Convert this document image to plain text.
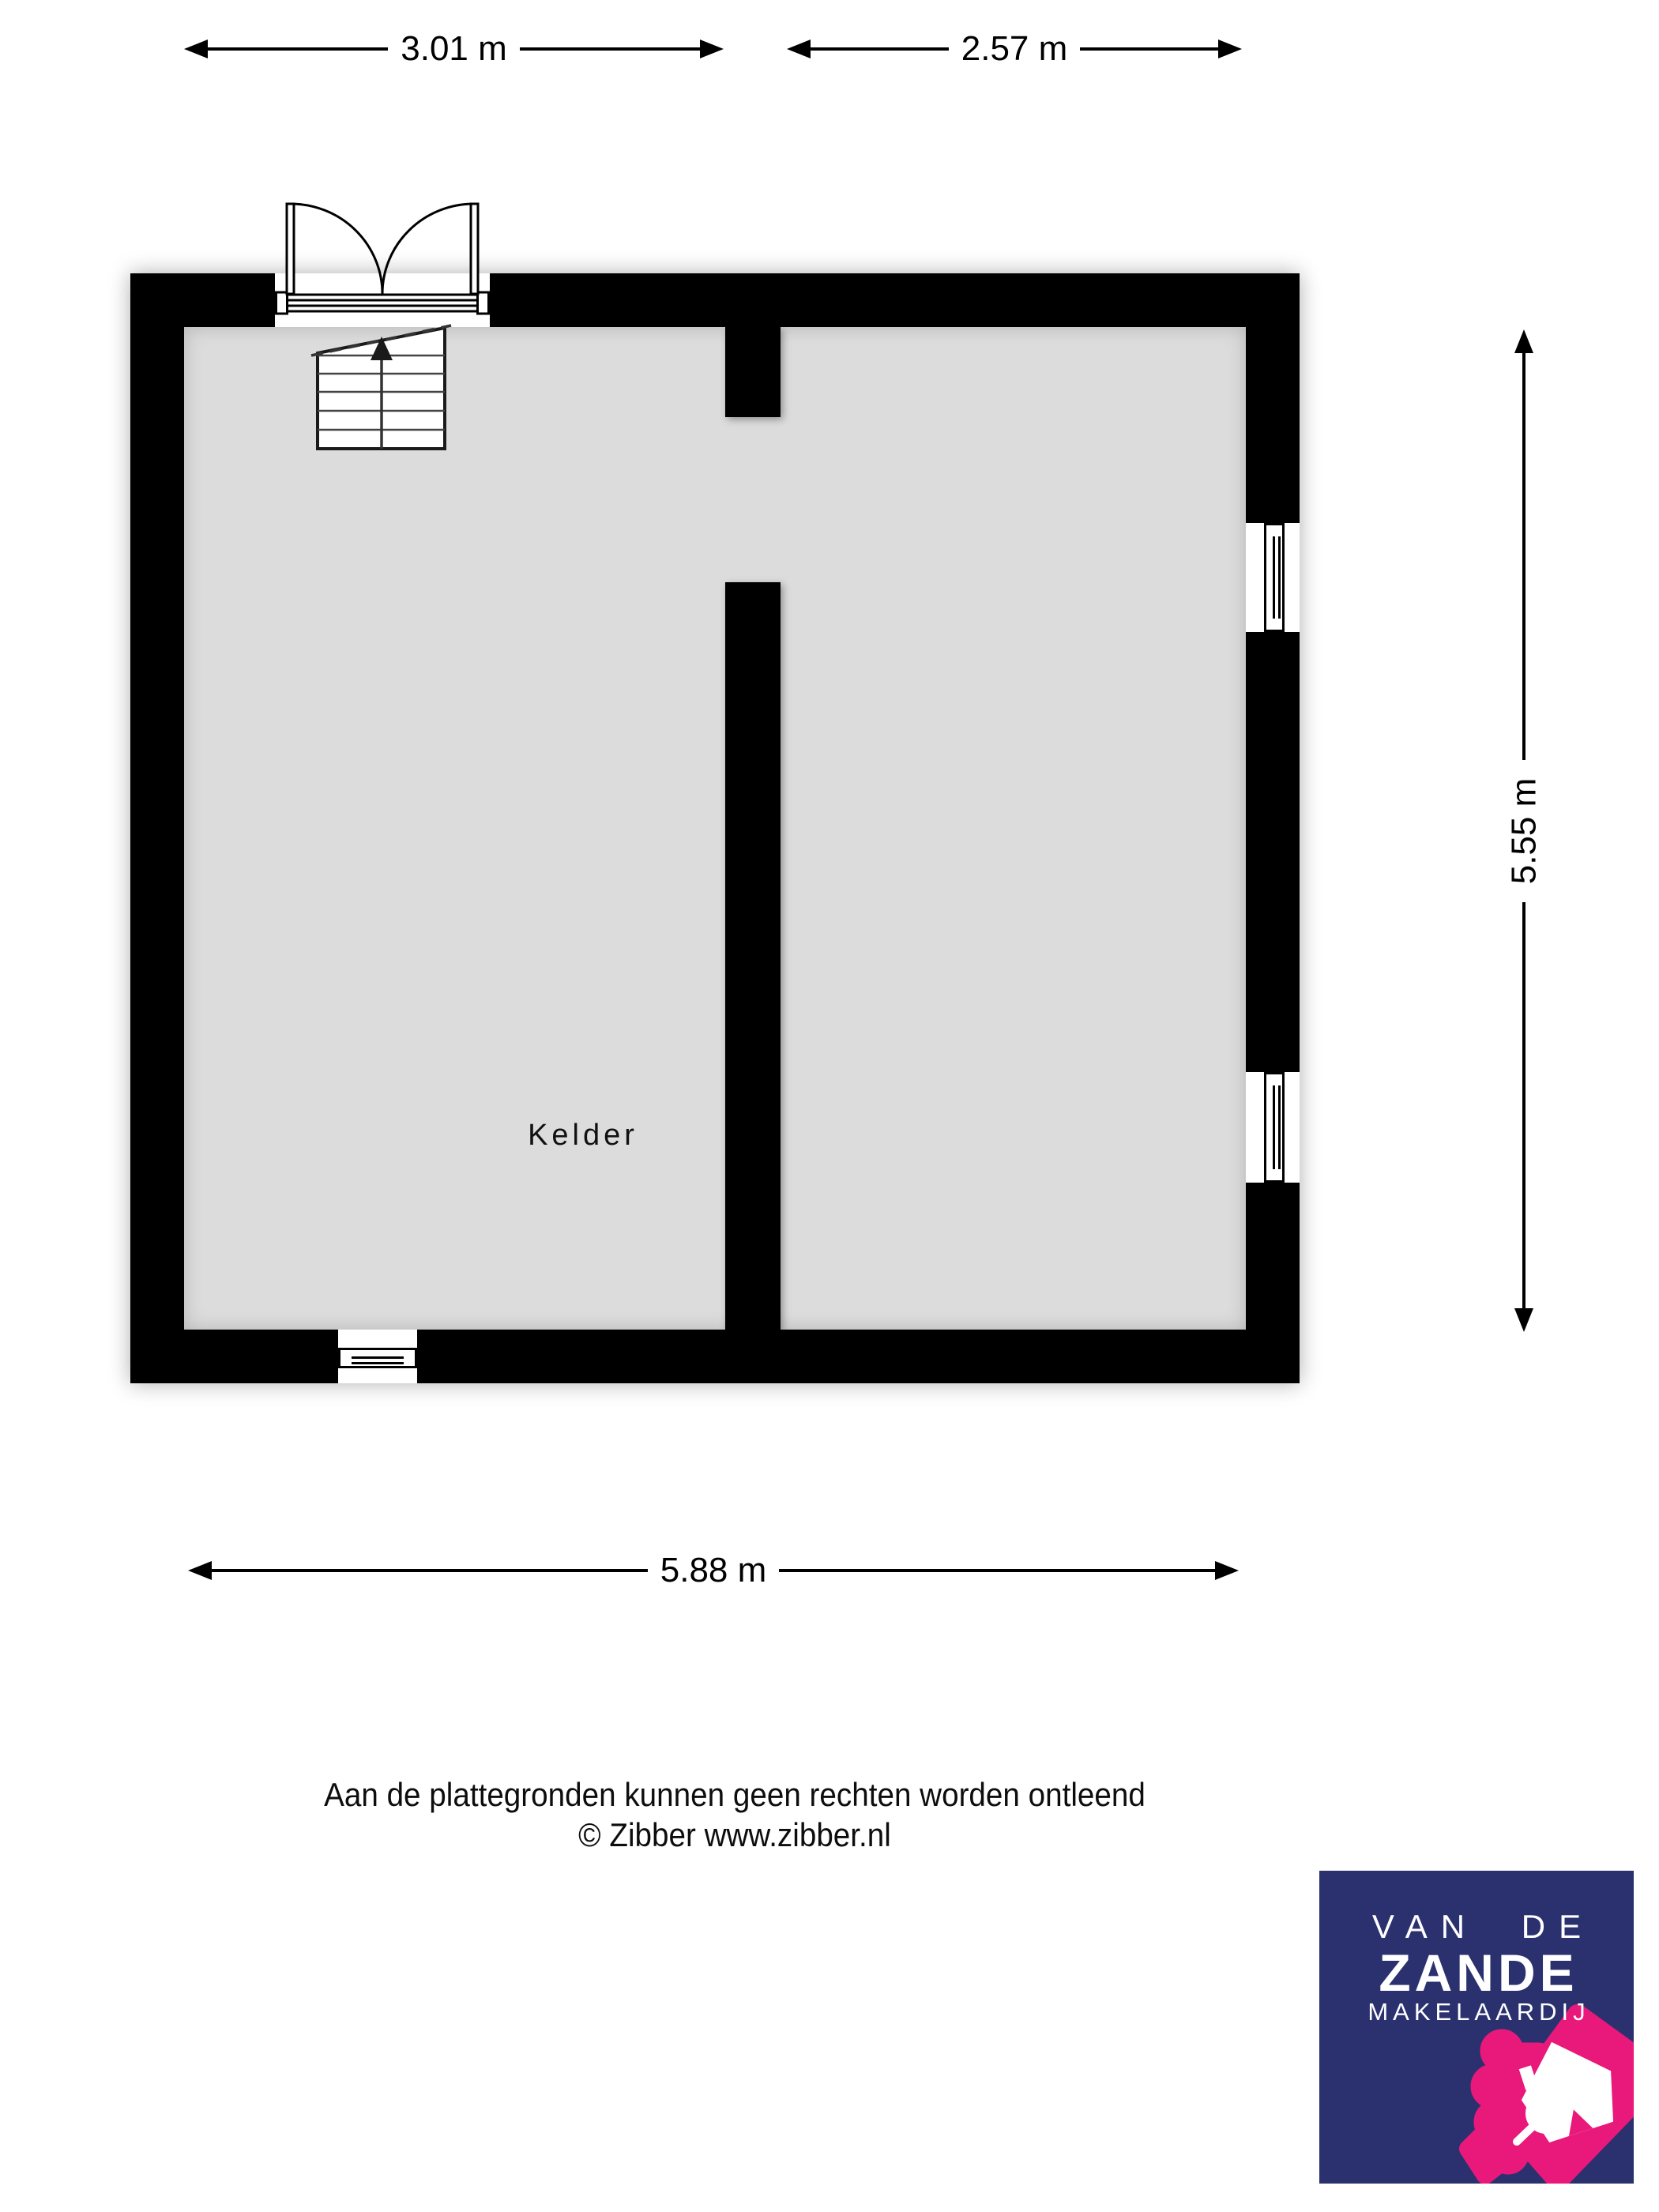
3.01 m	2.57 m
Kelder
5.55 m
5.88 m
Aan de plattegronden kunnen geen rechten worden ontleend
© Zibber www.zibber.nl
VAN DE
ZANDE
MAKELAARDIJ
